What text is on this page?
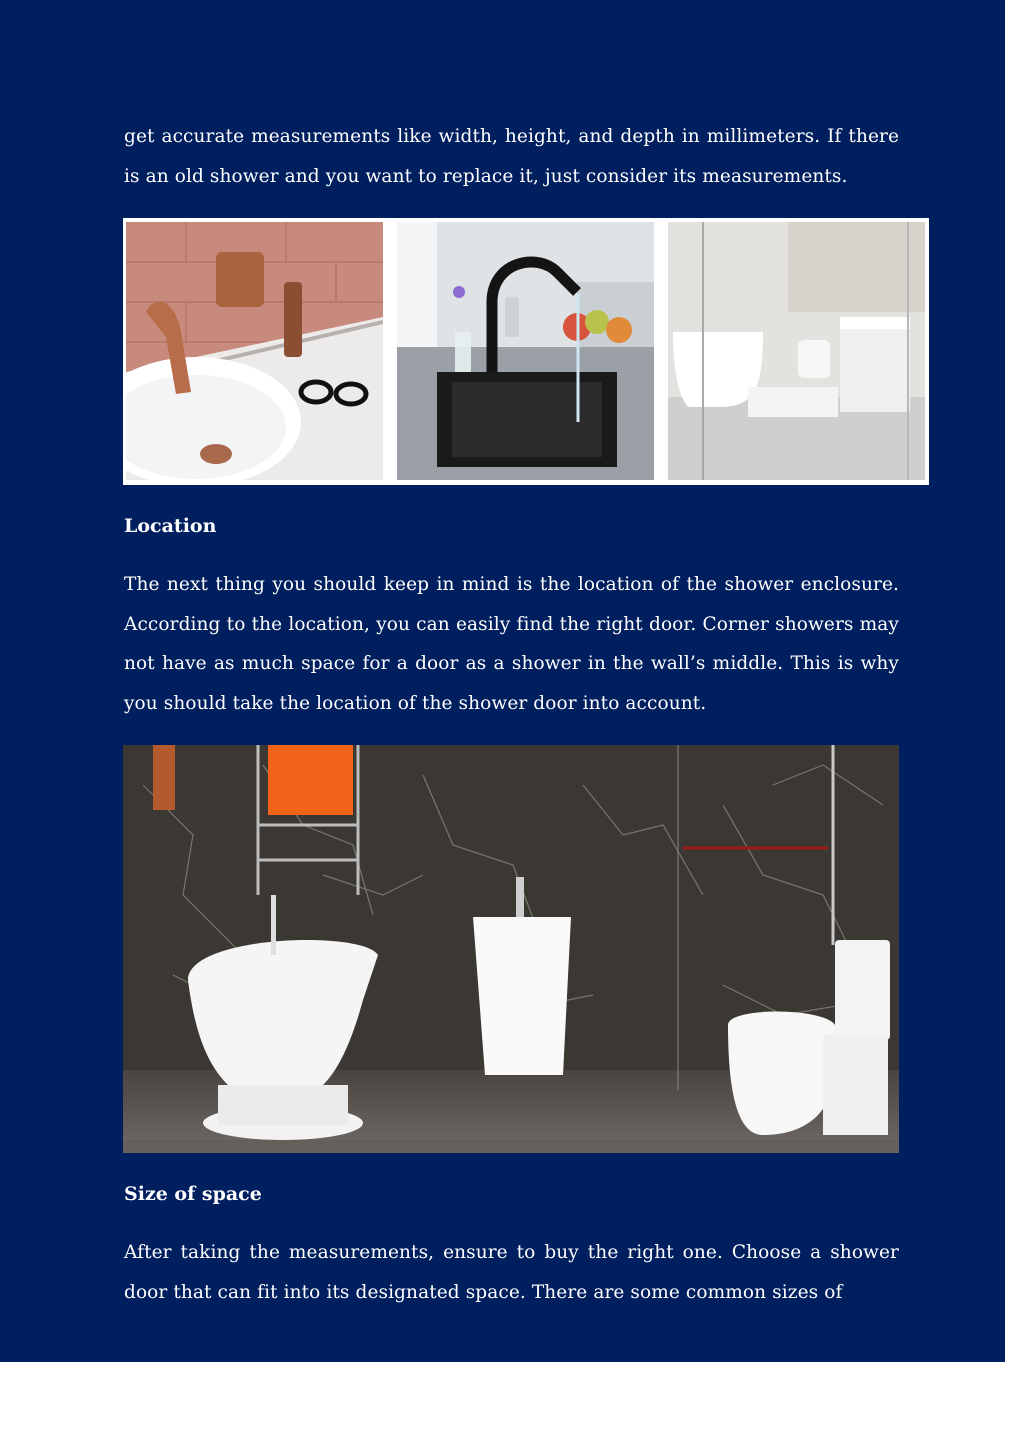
get accurate measurements like width, height, and depth in millimeters. If there is an old shower and you want to replace it, just consider its measurements.

Location

The next thing you should keep in mind is the location of the shower enclosure. According to the location, you can easily find the right door. Corner showers may not have as much space for a door as a shower in the wall’s middle. This is why you should take the location of the shower door into account.

Size of space

After taking the measurements, ensure to buy the right one. Choose a shower door that can fit into its designated space. There are some common sizes of
